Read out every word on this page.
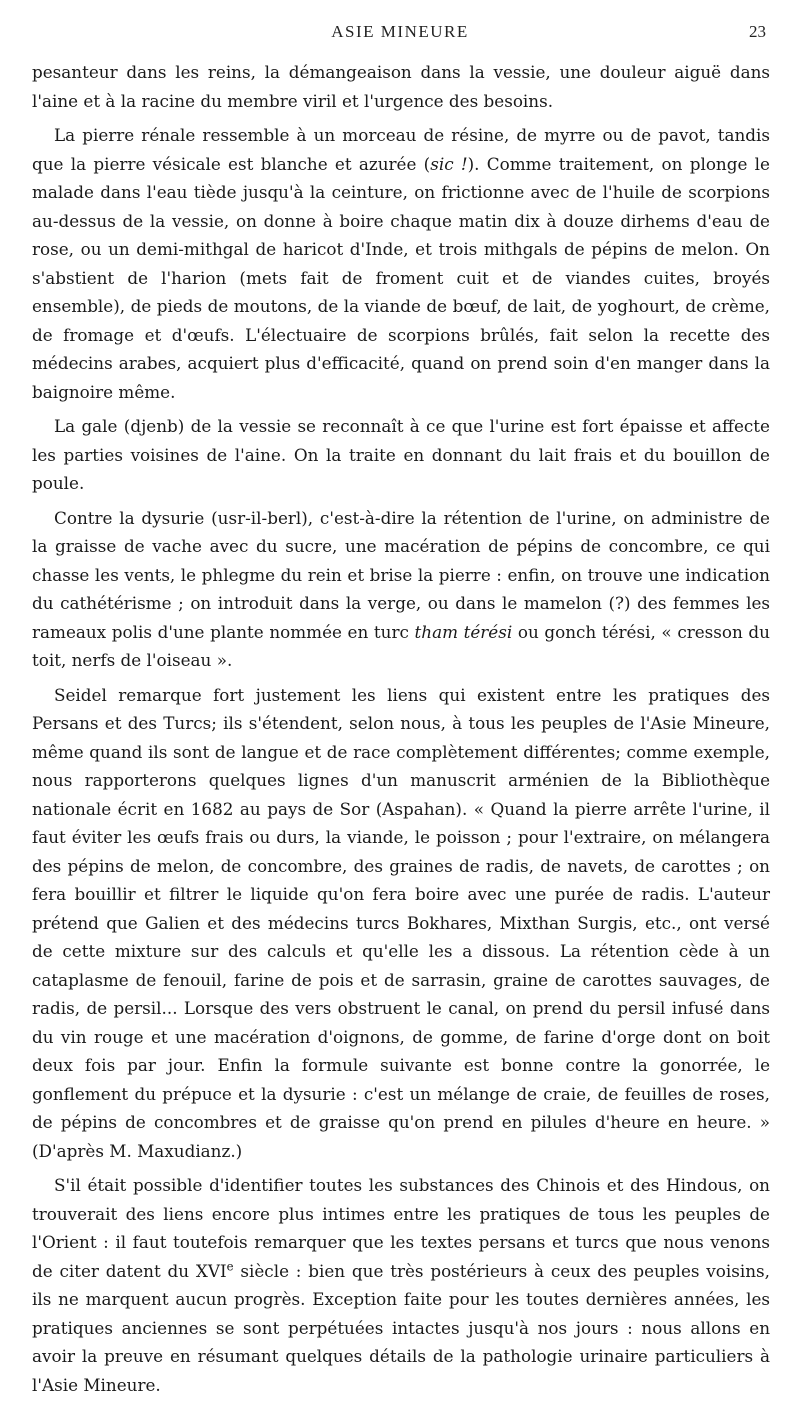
ASIE MINEURE	23

pesanteur dans les reins, la démangeaison dans la vessie, une douleur aiguë dans l'aine et à la racine du membre viril et l'urgence des besoins.

La pierre rénale ressemble à un morceau de résine, de myrre ou de pavot, tandis que la pierre vésicale est blanche et azurée (sic !). Comme traitement, on plonge le malade dans l'eau tiède jusqu'à la ceinture, on frictionne avec de l'huile de scorpions au-dessus de la vessie, on donne à boire chaque matin dix à douze dirhems d'eau de rose, ou un demi-mithgal de haricot d'Inde, et trois mithgals de pépins de melon. On s'abstient de l'harion (mets fait de froment cuit et de viandes cuites, broyés ensemble), de pieds de moutons, de la viande de bœuf, de lait, de yoghourt, de crème, de fromage et d'œufs. L'électuaire de scorpions brûlés, fait selon la recette des médecins arabes, acquiert plus d'efficacité, quand on prend soin d'en manger dans la baignoire même.

La gale (djenb) de la vessie se reconnaît à ce que l'urine est fort épaisse et affecte les parties voisines de l'aine. On la traite en donnant du lait frais et du bouillon de poule.

Contre la dysurie (usr-il-berl), c'est-à-dire la rétention de l'urine, on administre de la graisse de vache avec du sucre, une macération de pépins de concombre, ce qui chasse les vents, le phlegme du rein et brise la pierre : enfin, on trouve une indication du cathétérisme ; on introduit dans la verge, ou dans le mamelon (?) des femmes les rameaux polis d'une plante nommée en turc tham térési ou gonch térési, « cresson du toit, nerfs de l'oiseau ».

Seidel remarque fort justement les liens qui existent entre les pratiques des Persans et des Turcs; ils s'étendent, selon nous, à tous les peuples de l'Asie Mineure, même quand ils sont de langue et de race complètement différentes; comme exemple, nous rapporterons quelques lignes d'un manuscrit arménien de la Bibliothèque nationale écrit en 1682 au pays de Sor (Aspahan). « Quand la pierre arrête l'urine, il faut éviter les œufs frais ou durs, la viande, le poisson ; pour l'extraire, on mélangera des pépins de melon, de concombre, des graines de radis, de navets, de carottes ; on fera bouillir et filtrer le liquide qu'on fera boire avec une purée de radis. L'auteur prétend que Galien et des médecins turcs Bokhares, Mixthan Surgis, etc., ont versé de cette mixture sur des calculs et qu'elle les a dissous. La rétention cède à un cataplasme de fenouil, farine de pois et de sarrasin, graine de carottes sauvages, de radis, de persil... Lorsque des vers obstruent le canal, on prend du persil infusé dans du vin rouge et une macération d'oignons, de gomme, de farine d'orge dont on boit deux fois par jour. Enfin la formule suivante est bonne contre la gonorrée, le gonflement du prépuce et la dysurie : c'est un mélange de craie, de feuilles de roses, de pépins de concombres et de graisse qu'on prend en pilules d'heure en heure. » (D'après M. Maxudianz.)

S'il était possible d'identifier toutes les substances des Chinois et des Hindous, on trouverait des liens encore plus intimes entre les pratiques de tous les peuples de l'Orient : il faut toutefois remarquer que les textes persans et turcs que nous venons de citer datent du XVIe siècle : bien que très postérieurs à ceux des peuples voisins, ils ne marquent aucun progrès. Exception faite pour les toutes dernières années, les pratiques anciennes se sont perpétuées intactes jusqu'à nos jours : nous allons en avoir la preuve en résumant quelques détails de la pathologie urinaire particuliers à l'Asie Mineure.
